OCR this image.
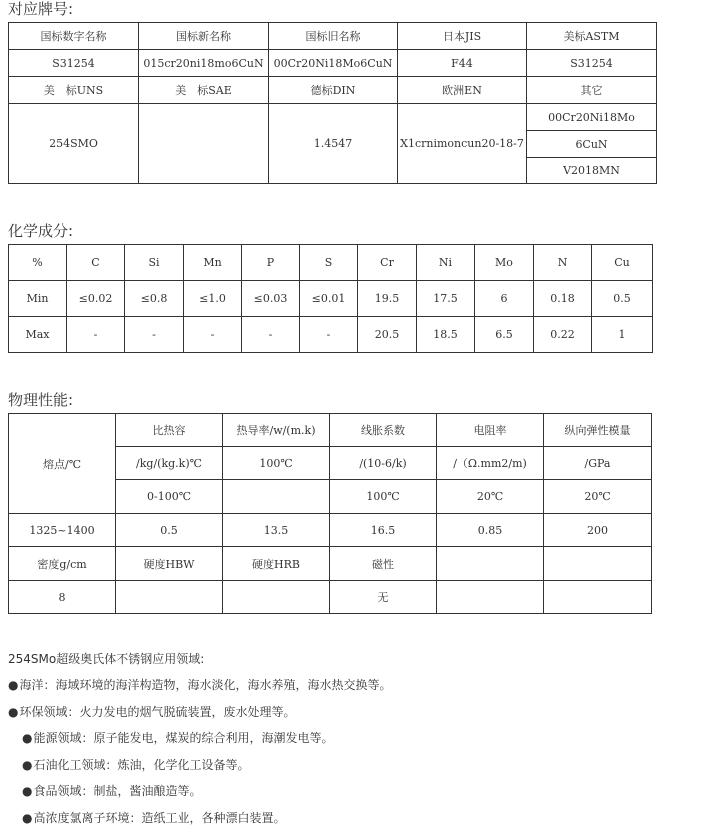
对应牌号:
国标数字名称	国标新名称	国标旧名称	日本JIS	美标ASTM
S31254	015cr20ni18mo6CuN	00Cr20Ni18Mo6CuN	F44	S31254
美　标UNS	美　标SAE	德标DIN	欧洲EN	其它
254SMO		1.4547	X1crnimoncun20-18-7	00Cr20Ni18Mo
				6CuN
				V2018MN
化学成分:
%	C	Si	Mn	P	S	Cr	Ni	Mo	N	Cu
Min	≤0.02	≤0.8	≤1.0	≤0.03	≤0.01	19.5	17.5	6	0.18	0.5
Max	-	-	-	-	-	20.5	18.5	6.5	0.22	1
物理性能:
熔点/℃	比热容	热导率/w/(m.k)	线胀系数	电阻率	纵向弹性模量
	/kg/(kg.k)℃	100℃	/(10-6/k)	/（Ω.mm2/m)	/GPa
	0-100℃		100℃	20℃	20℃
1325~1400	0.5	13.5	16.5	0.85	200
密度g/cm	硬度HBW	硬度HRB	磁性		
8			无		

254SMo超级奥氏体不锈钢应用领域:

●海洋：海域环境的海洋构造物，海水淡化，海水养殖，海水热交换等。

●环保领域：火力发电的烟气脱硫装置，废水处理等。

●能源领域：原子能发电，煤炭的综合利用，海潮发电等。

●石油化工领域：炼油，化学化工设备等。

●食品领域：制盐，酱油酿造等。

●高浓度氯离子环境：造纸工业，各种漂白装置。
